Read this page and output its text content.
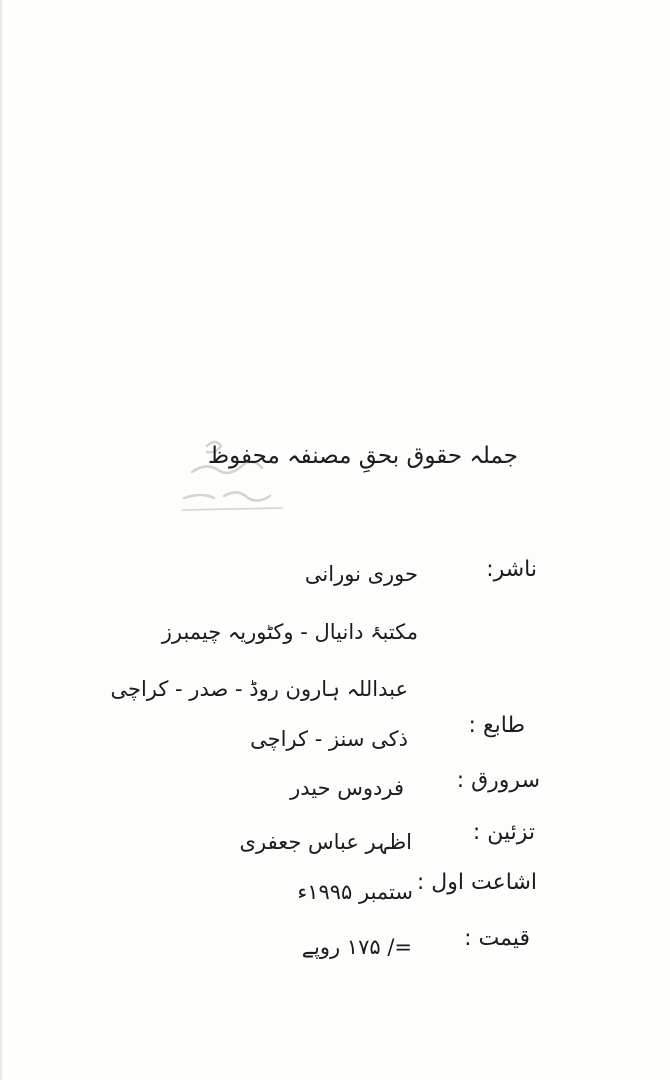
جملہ حقوق بحقِ مصنفہ محفوظ
ناشر:
حوری نورانی
مکتبۂ دانیال - وکٹوریہ چیمبرز
عبداللہ ہارون روڈ - صدر - کراچی
طابع :
ذکی سنز - کراچی
سرورق :
فردوس حیدر
تزئین :
اظہر عباس جعفری
اشاعت اول :
ستمبر ۱۹۹۵ء
قیمت :
=/ ۱۷۵ روپے
